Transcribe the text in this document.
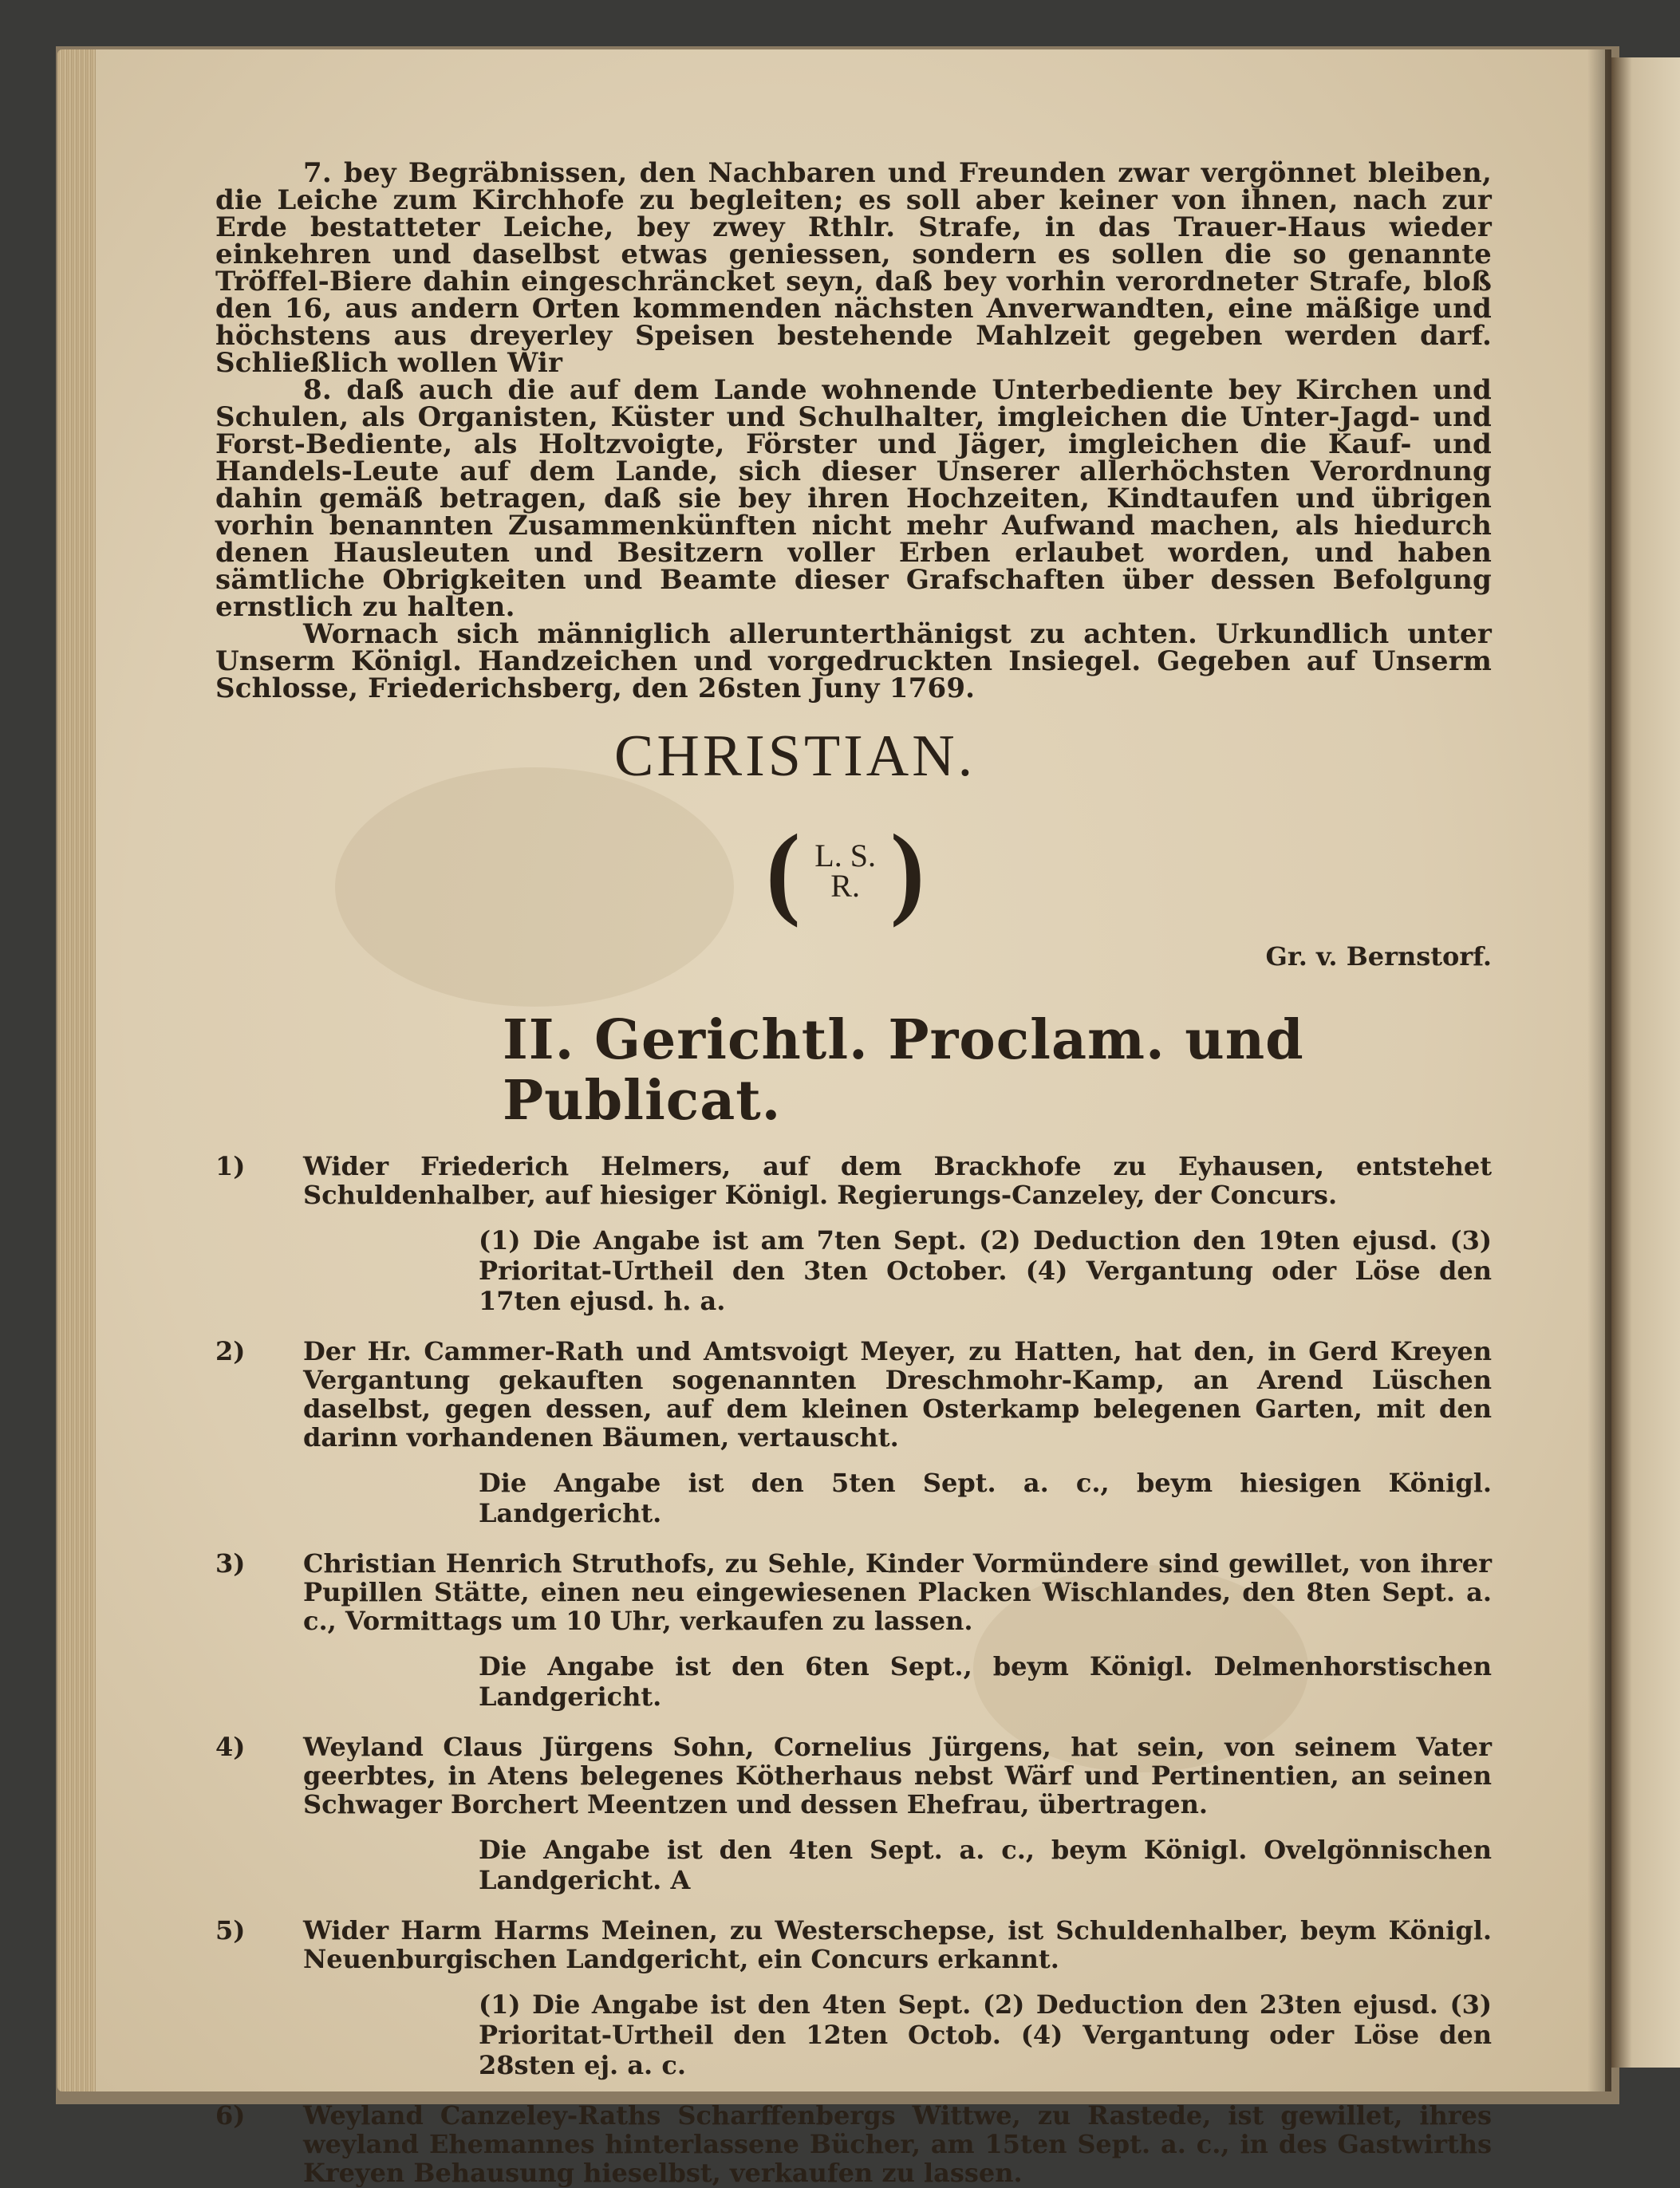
7. bey Begräbnissen, den Nachbaren und Freunden zwar vergönnet bleiben, die Leiche zum Kirchhofe zu begleiten; es soll aber keiner von ihnen, nach zur Erde bestatteter Leiche, bey zwey Rthlr. Strafe, in das Trauer-Haus wieder einkehren und daselbst etwas geniessen, sondern es sollen die so genannte Tröffel-Biere dahin eingeschräncket seyn, daß bey vorhin verordneter Strafe, bloß den 16, aus andern Orten kommenden nächsten Anverwandten, eine mäßige und höchstens aus dreyerley Speisen bestehende Mahlzeit gegeben werden darf. Schließlich wollen Wir

8. daß auch die auf dem Lande wohnende Unterbediente bey Kirchen und Schulen, als Organisten, Küster und Schulhalter, imgleichen die Unter-Jagd- und Forst-Bediente, als Holtzvoigte, Förster und Jäger, imgleichen die Kauf- und Handels-Leute auf dem Lande, sich dieser Unserer allerhöchsten Verordnung dahin gemäß betragen, daß sie bey ihren Hochzeiten, Kindtaufen und übrigen vorhin benannten Zusammenkünften nicht mehr Aufwand machen, als hiedurch denen Hausleuten und Besitzern voller Erben erlaubet worden, und haben sämtliche Obrigkeiten und Beamte dieser Grafschaften über dessen Befolgung ernstlich zu halten.

Wornach sich männiglich allerunterthänigst zu achten. Urkundlich unter Unserm Königl. Handzeichen und vorgedruckten Insiegel. Gegeben auf Unserm Schlosse, Friederichsberg, den 26sten Juny 1769.

CHRISTIAN.
( L. S.
R. )
Gr. v. Bernstorf.
II. Gerichtl. Proclam. und Publicat.
1)	Wider Friederich Helmers, auf dem Brackhofe zu Eyhausen, entstehet Schuldenhalber, auf hiesiger Königl. Regierungs-Canzeley, der Concurs.
(1) Die Angabe ist am 7ten Sept. (2) Deduction den 19ten ejusd. (3) Prioritat-Urtheil den 3ten October. (4) Vergantung oder Löse den 17ten ejusd. h. a.
2)	Der Hr. Cammer-Rath und Amtsvoigt Meyer, zu Hatten, hat den, in Gerd Kreyen Vergantung gekauften sogenannten Dreschmohr-Kamp, an Arend Lüschen daselbst, gegen dessen, auf dem kleinen Osterkamp belegenen Garten, mit den darinn vorhandenen Bäumen, vertauscht.
Die Angabe ist den 5ten Sept. a. c., beym hiesigen Königl. Landgericht.
3)	Christian Henrich Struthofs, zu Sehle, Kinder Vormündere sind gewillet, von ihrer Pupillen Stätte, einen neu eingewiesenen Placken Wischlandes, den 8ten Sept. a. c., Vormittags um 10 Uhr, verkaufen zu lassen.
Die Angabe ist den 6ten Sept., beym Königl. Delmenhorstischen Landgericht.
4)	Weyland Claus Jürgens Sohn, Cornelius Jürgens, hat sein, von seinem Vater geerbtes, in Atens belegenes Kötherhaus nebst Wärf und Pertinentien, an seinen Schwager Borchert Meentzen und dessen Ehefrau, übertragen.
Die Angabe ist den 4ten Sept. a. c., beym Königl. Ovelgönnischen Landgericht. A
5)	Wider Harm Harms Meinen, zu Westerschepse, ist Schuldenhalber, beym Königl. Neuenburgischen Landgericht, ein Concurs erkannt.
(1) Die Angabe ist den 4ten Sept. (2) Deduction den 23ten ejusd. (3) Prioritat-Urtheil den 12ten Octob. (4) Vergantung oder Löse den 28sten ej. a. c.
6)	Weyland Canzeley-Raths Scharffenbergs Wittwe, zu Rastede, ist gewillet, ihres weyland Ehemannes hinterlassene Bücher, am 15ten Sept. a. c., in des Gastwirths Kreyen Behausung hieselbst, verkaufen zu lassen.
